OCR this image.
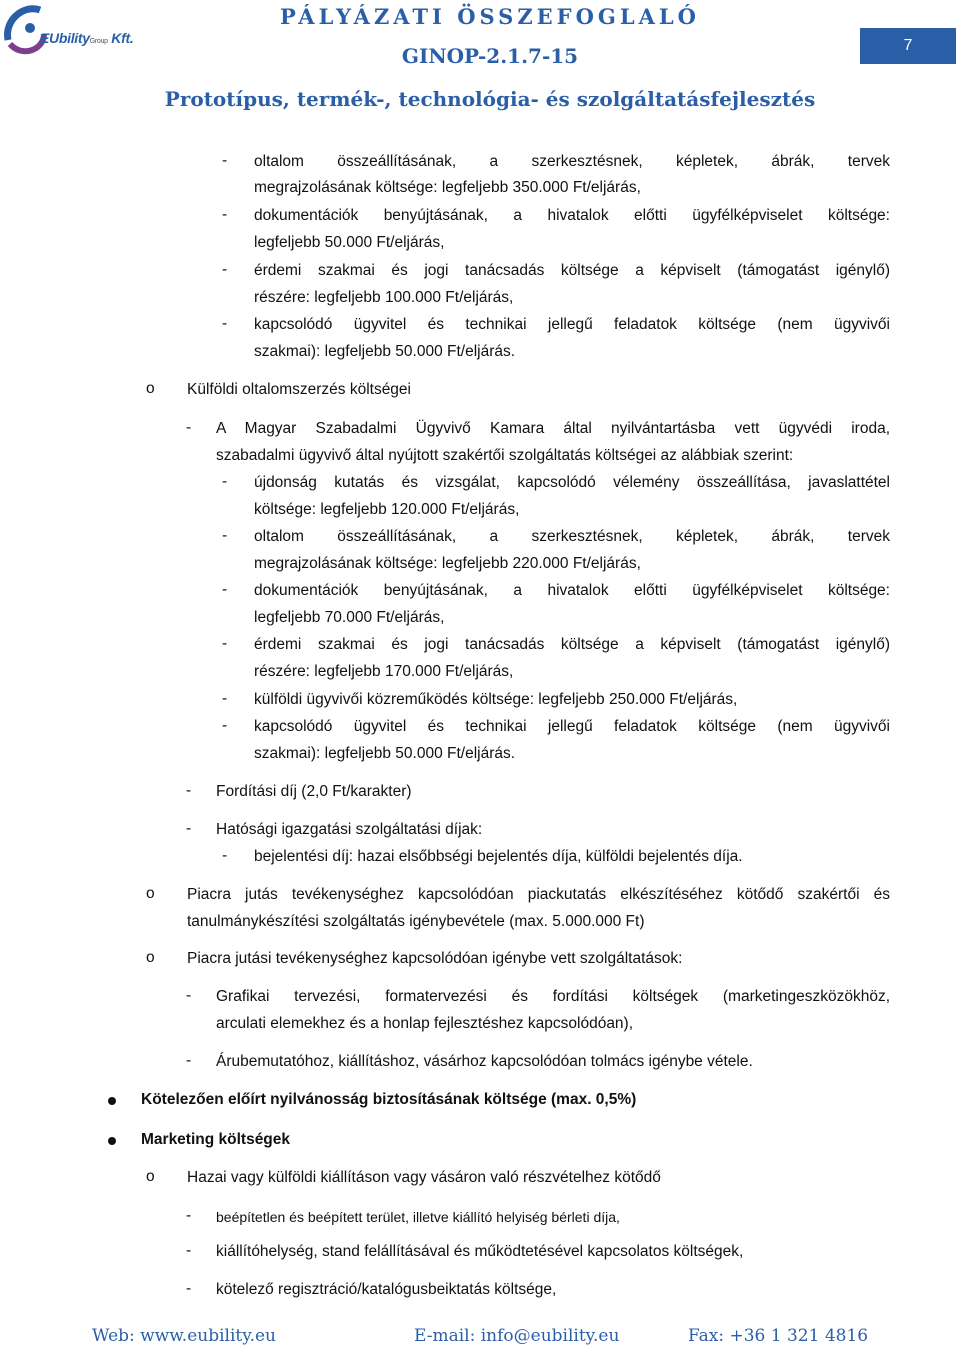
EUbilityGroup Kft.
PÁLYÁZATI ÖSSZEFOGLALÓ
GINOP-2.1.7-15
Prototípus, termék-, technológia- és szolgáltatásfejlesztés
7
- oltalom összeállításának, a szerkesztésnek, képletek, ábrák, tervek
megrajzolásának költsége: legfeljebb 350.000 Ft/eljárás,
- dokumentációk benyújtásának, a hivatalok előtti ügyfélképviselet költsége:
legfeljebb 50.000 Ft/eljárás,
- érdemi szakmai és jogi tanácsadás költsége a képviselt (támogatást igénylő)
részére: legfeljebb 100.000 Ft/eljárás,
- kapcsolódó ügyvitel és technikai jellegű feladatok költsége (nem ügyvivői
szakmai): legfeljebb 50.000 Ft/eljárás.
o Külföldi oltalomszerzés költségei
- A Magyar Szabadalmi Ügyvivő Kamara által nyilvántartásba vett ügyvédi iroda,
szabadalmi ügyvivő által nyújtott szakértői szolgáltatás költségei az alábbiak szerint:
- újdonság kutatás és vizsgálat, kapcsolódó vélemény összeállítása, javaslattétel
költsége: legfeljebb 120.000 Ft/eljárás,
- oltalom összeállításának, a szerkesztésnek, képletek, ábrák, tervek
megrajzolásának költsége: legfeljebb 220.000 Ft/eljárás,
- dokumentációk benyújtásának, a hivatalok előtti ügyfélképviselet költsége:
legfeljebb 70.000 Ft/eljárás,
- érdemi szakmai és jogi tanácsadás költsége a képviselt (támogatást igénylő)
részére: legfeljebb 170.000 Ft/eljárás,
- külföldi ügyvivői közreműködés költsége: legfeljebb 250.000 Ft/eljárás,
- kapcsolódó ügyvitel és technikai jellegű feladatok költsége (nem ügyvivői
szakmai): legfeljebb 50.000 Ft/eljárás.
- Fordítási díj (2,0 Ft/karakter)
- Hatósági igazgatási szolgáltatási díjak:
- bejelentési díj: hazai elsőbbségi bejelentés díja, külföldi bejelentés díja.
o Piacra jutás tevékenységhez kapcsolódóan piackutatás elkészítéséhez kötődő szakértői és
tanulmánykészítési szolgáltatás igénybevétele (max. 5.000.000 Ft)
o Piacra jutási tevékenységhez kapcsolódóan igénybe vett szolgáltatások:
- Grafikai tervezési, formatervezési és fordítási költségek (marketingeszközökhöz,
arculati elemekhez és a honlap fejlesztéshez kapcsolódóan),
- Árubemutatóhoz, kiállításhoz, vásárhoz kapcsolódóan tolmács igénybe vétele.
Kötelezően előírt nyilvánosság biztosításának költsége (max. 0,5%)
Marketing költségek
o Hazai vagy külföldi kiállításon vagy vásáron való részvételhez kötődő
- beépítetlen és beépített terület, illetve kiállító helyiség bérleti díja,
- kiállítóhelység, stand felállításával és működtetésével kapcsolatos költségek,
- kötelező regisztráció/katalógusbeiktatás költsége,
Web: www.eubility.eu	E-mail: info@eubility.eu	Fax: +36 1 321 4816
